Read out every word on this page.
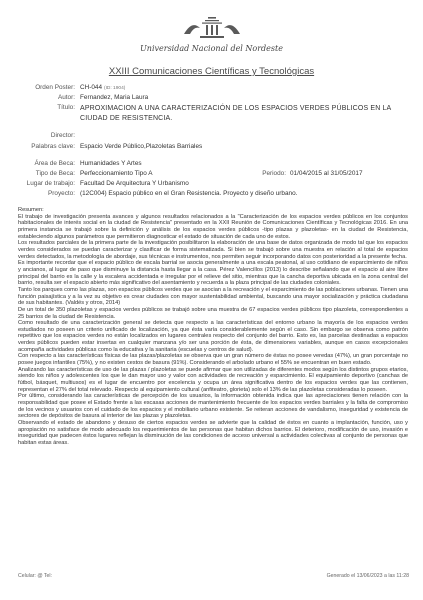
Universidad Nacional del Nordeste
XXIII Comunicaciones Científicas y Tecnológicas
Orden Poster: CH-044 (ID: 1904)
Autor: Fernandez, Maria Laura
Título: APROXIMACION A UNA CARACTERIZACIÓN DE LOS ESPACIOS VERDES PÚBLICOS EN LA CIUDAD DE RESISTENCIA.
Director:
Palabras clave: Espacio Verde Público,Plazoletas Barriales
Área de Beca: Humanidades Y Artes
Tipo de Beca: Perfeccionamiento Tipo A	Periodo: 01/04/2015 al 31/05/2017
Lugar de trabajo: Facultad De Arquitectura Y Urbanismo
Proyecto: (12C004) Espacio público en el Gran Resistencia. Proyecto y diseño urbano.

Resumen:

El trabajo de investigación presenta avances y algunos resultados relacionados a la "Caracterización de los espacios verdes públicos en los conjuntos habitacionales de interés social en la ciudad de Resistencia" presentado en la XXII Reunión de Comunicaciones Científicas y Tecnológicas 2016. En una primera instancia se trabajó sobre la definición y análisis de los espacios verdes públicos -tipo plazas y plazoletas- en la ciudad de Resistencia, estableciendo algunos parámetros que permitieron diagnosticar el estado de situación de cada uno de estos.

Los resultados parciales de la primera parte de la investigación posibilitaron la elaboración de una base de datos organizada de modo tal que los espacios verdes considerados se puedan caracterizar y clasificar de forma sistematizada. Si bien se trabajó sobre una muestra en relación al total de espacios verdes detectados, la metodología de abordaje, sus técnicas e instrumentos, nos permiten seguir incorporando datos con posterioridad a la presente fecha.

Es importante recordar que el espacio público de escala barrial se asocia generalmente a una escala peatonal, al uso cotidiano de esparcimiento de niños y ancianos, al lugar de paso que disminuye la distancia hasta llegar a la casa. Pérez Valencillos (2013) lo describe señalando que el espacio al aire libre principal del barrio es la calle y la escalera accidentada e irregular por el relieve del sitio, mientras que la cancha deportiva ubicada en la zona central del barrio, resulta ser el espacio abierto más significativo del asentamiento y recuerda a la plaza principal de las ciudades coloniales.

Tanto los parques como las plazas, son espacios públicos verdes que se asocian a la recreación y el esparcimiento de las poblaciones urbanas. Tienen una función paisajística y a la vez su objetivo es crear ciudades con mayor sustentabilidad ambiental, buscando una mayor socialización y práctica ciudadana de sus habitantes. (Valdés y otros, 2014)

De un total de 350 plazoletas y espacios verdes públicos se trabajó sobre una muestra de 67 espacios verdes públicos tipo plazoleta, correspondientes a 25 barrios de la ciudad de Resistencia.

Como resultado de una caracterización general se detecta que respecto a las características del entorno urbano la mayoría de los espacios verdes estudiados no poseen un criterio unificado de localización, ya que ésta varía considerablemente según el caso. Sin embargo se observa como patrón repetitivo que los espacios verdes no están localizados en lugares centrales respecto del conjunto del barrio. Esto es, las parcelas destinadas a espacios verdes públicos pueden estar insertas en cualquier manzana y/o ser una porción de ésta, de dimensiones variables, aunque en casos excepcionales acompaña actividades públicas como la educativa y la sanitaria (escuelas y centros de salud).

Con respecto a las características físicas de las plazas/plazoletas se observa que un gran número de éstas no posee veredas (47%), un gran porcentaje no posee juegos infantiles (75%), y no existen cestos de basura (91%). Considerando el arbolado urbano el 55% se encuentran en buen estado.

Analizando las características de uso de las plazas / plazoletas se puede afirmar que son utilizadas de diferentes modos según los distintos grupos etarios, siendo los niños y adolescentes los que le dan mayor uso y valor con actividades de recreación y esparcimiento. El equipamiento deportivo (canchas de fútbol, básquet, multiusos) es el lugar de encuentro por excelencia y ocupa un área significativa dentro de los espacios verdes que las contienen, representan el 27% del total relevado. Respecto al equipamiento cultural (anfiteatro, glorieta) solo el 13% de las plazoletas consideradas lo poseen.

Por último, considerando las características de percepción de los usuarios, la información obtenida indica que las apreciaciones tienen relación con la responsabilidad que posee el Estado frente a las escasas acciones de mantenimiento frecuente de los espacios verdes barriales y la falta de compromiso de los vecinos y usuarios con el cuidado de los espacios y el mobiliario urbano existente. Se reiteran acciones de vandalismo, inseguridad y existencia de sectores de depósitos de basura al interior de las plazas y plazoletas.

Observando el estado de abandono y desuso de ciertos espacios verdes se advierte que la calidad de éstos en cuanto a implantación, función, uso y apropiación no satisface de modo adecuado los requerimientos de las personas que habitan dichos barrios. El deterioro, modificación de uso, invasión e inseguridad que padecen éstos lugares reflejan la disminución de las condiciones de acceso universal a actividades colectivas al conjunto de personas que habitan estas áreas.

Celular: @ Tel:	Generado el 13/06/2023 a las 11:28
